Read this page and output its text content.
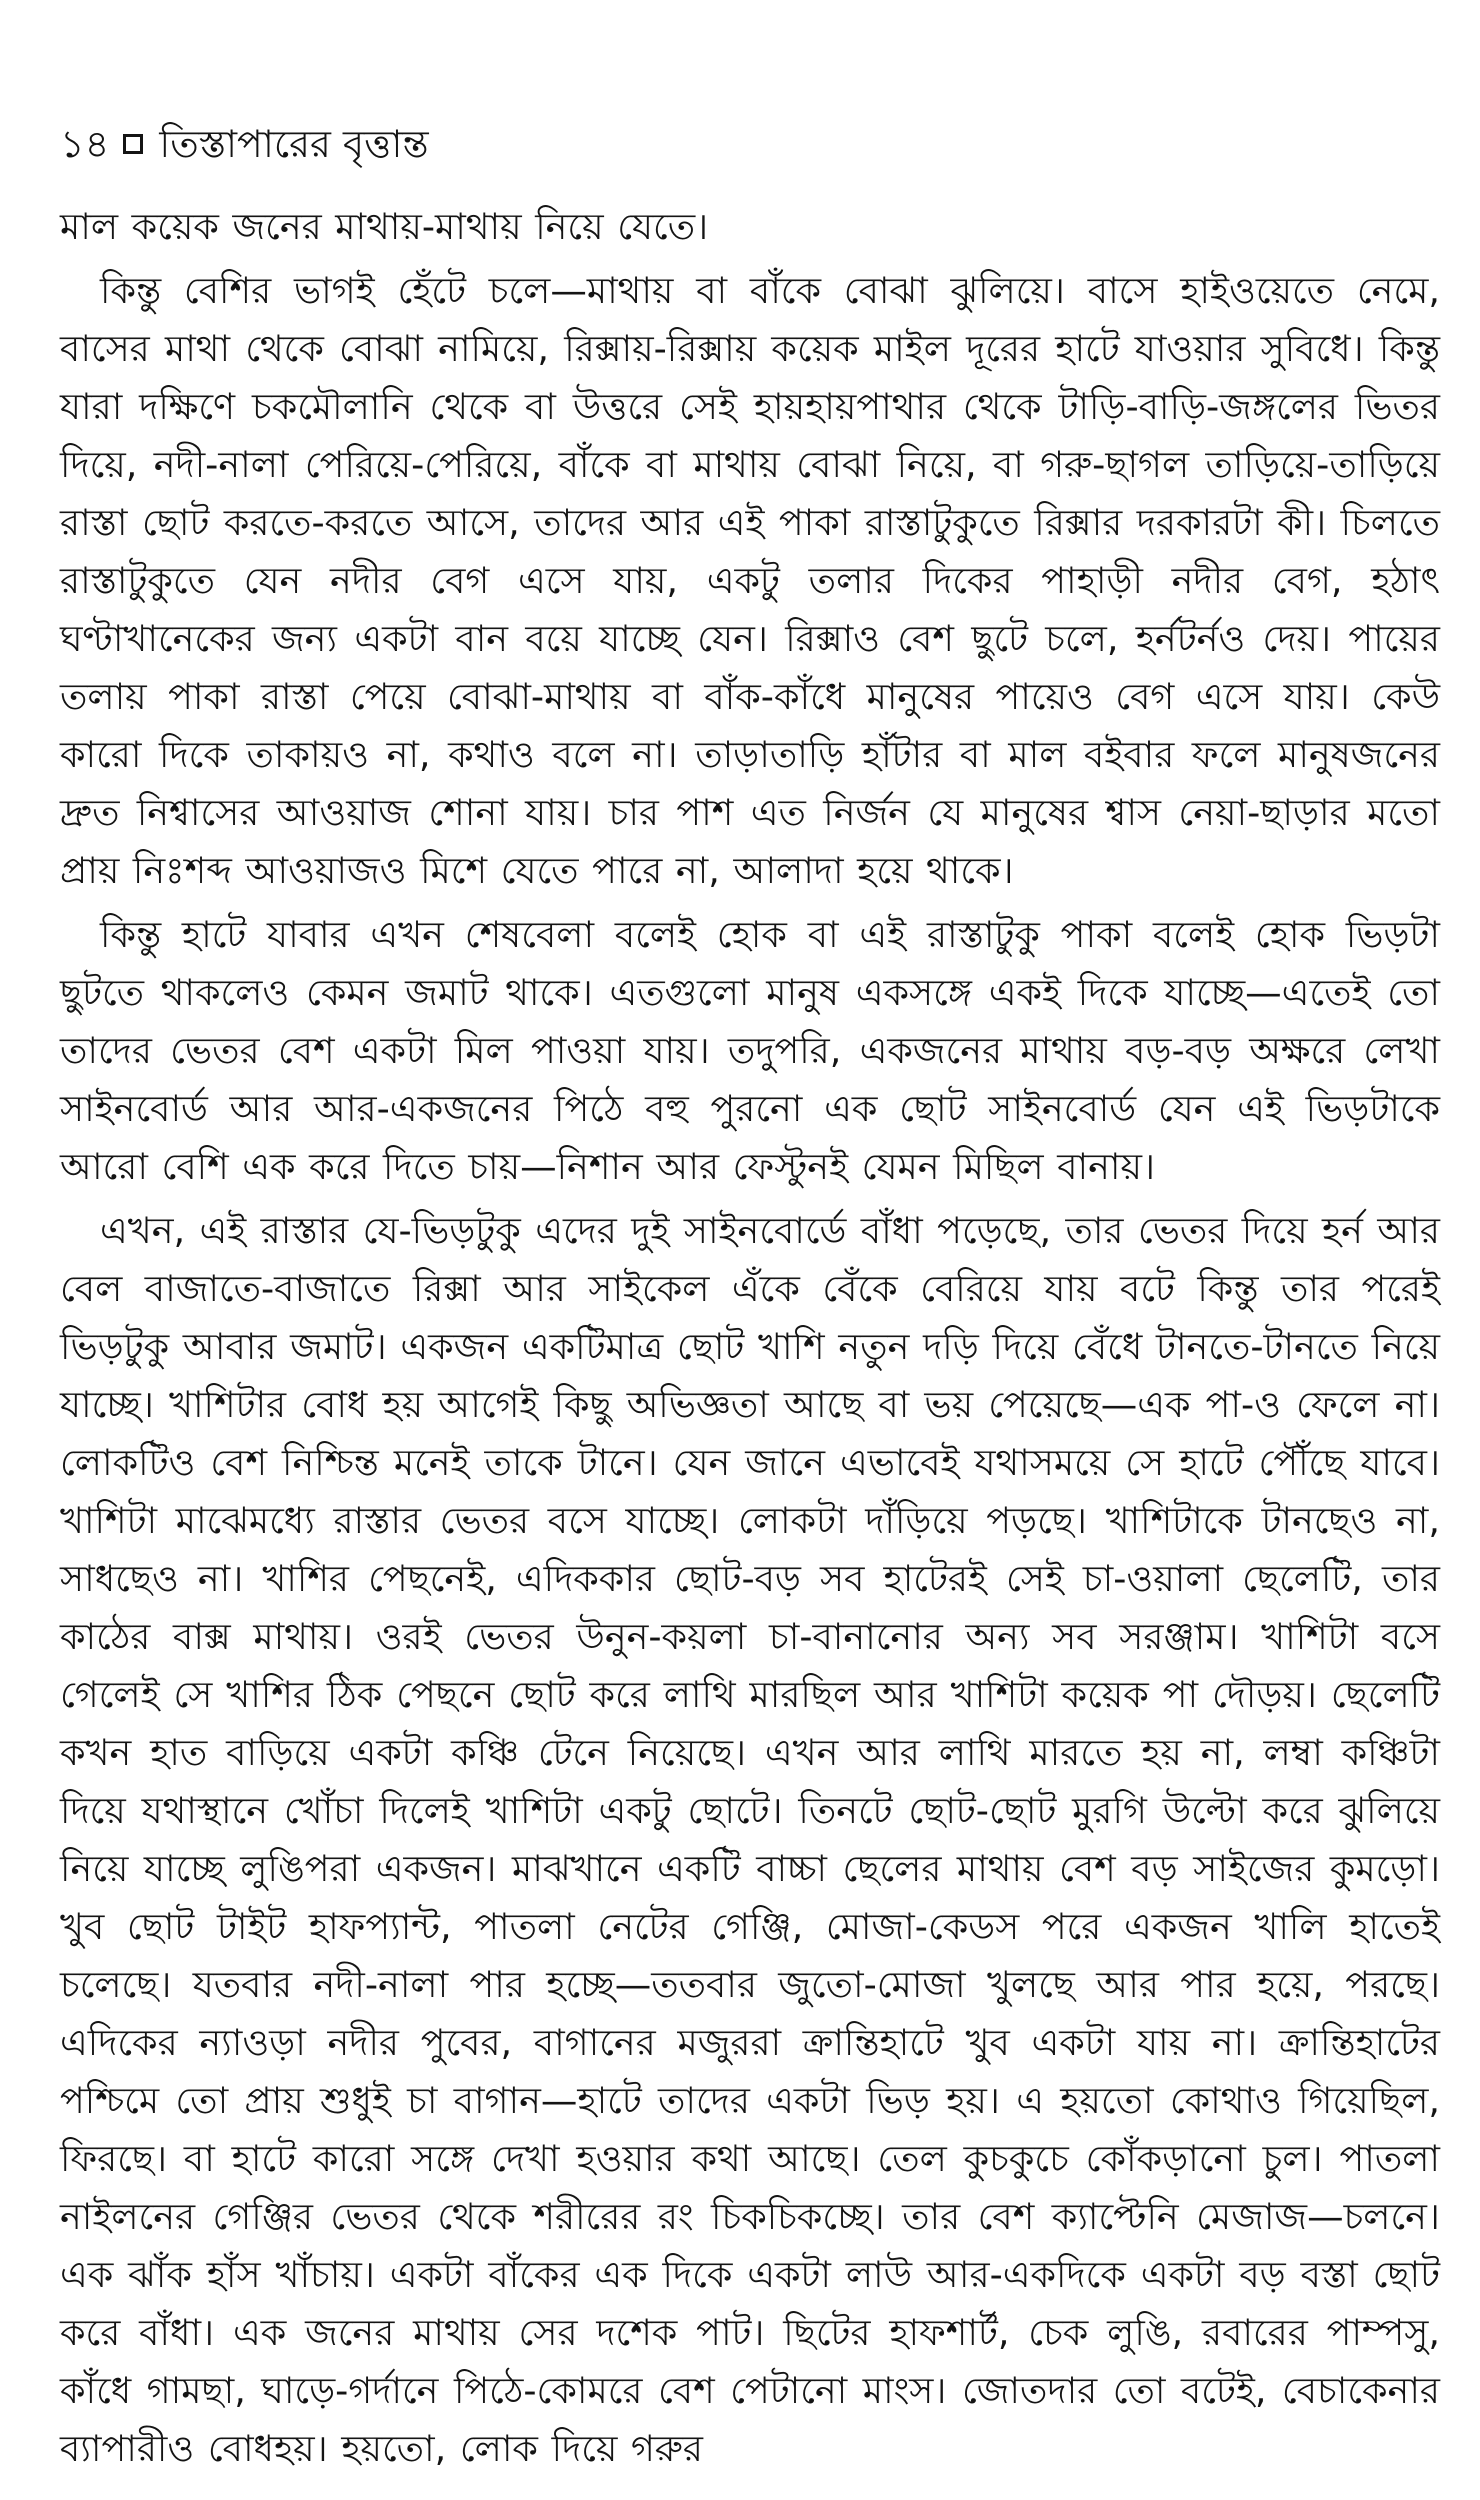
১৪ তিস্তাপারের বৃত্তান্ত

মাল কয়েক জনের মাথায়-মাথায় নিয়ে যেতে।

কিন্তু বেশির ভাগই হেঁটে চলে—মাথায় বা বাঁকে বোঝা ঝুলিয়ে। বাসে হাইওয়েতে নেমে, বাসের মাথা থেকে বোঝা নামিয়ে, রিক্সায়-রিক্সায় কয়েক মাইল দূরের হাটে যাওয়ার সুবিধে। কিন্তু যারা দক্ষিণে চকমৌলানি থেকে বা উত্তরে সেই হায়হায়পাথার থেকে টাড়ি-বাড়ি-জঙ্গলের ভিতর দিয়ে, নদী-নালা পেরিয়ে-পেরিয়ে, বাঁকে বা মাথায় বোঝা নিয়ে, বা গরু-ছাগল তাড়িয়ে-তাড়িয়ে রাস্তা ছোট করতে-করতে আসে, তাদের আর এই পাকা রাস্তাটুকুতে রিক্সার দরকারটা কী। চিলতে রাস্তাটুকুতে যেন নদীর বেগ এসে যায়, একটু তলার দিকের পাহাড়ী নদীর বেগ, হঠাৎ ঘণ্টাখানেকের জন্য একটা বান বয়ে যাচ্ছে যেন। রিক্সাও বেশ ছুটে চলে, হর্নটর্নও দেয়। পায়ের তলায় পাকা রাস্তা পেয়ে বোঝা-মাথায় বা বাঁক-কাঁধে মানুষের পায়েও বেগ এসে যায়। কেউ কারো দিকে তাকায়ও না, কথাও বলে না। তাড়াতাড়ি হাঁটার বা মাল বইবার ফলে মানুষজনের দ্রুত নিশ্বাসের আওয়াজ শোনা যায়। চার পাশ এত নির্জন যে মানুষের শ্বাস নেয়া-ছাড়ার মতো প্রায় নিঃশব্দ আওয়াজও মিশে যেতে পারে না, আলাদা হয়ে থাকে।

কিন্তু হাটে যাবার এখন শেষবেলা বলেই হোক বা এই রাস্তাটুকু পাকা বলেই হোক ভিড়টা ছুটতে থাকলেও কেমন জমাট থাকে। এতগুলো মানুষ একসঙ্গে একই দিকে যাচ্ছে—এতেই তো তাদের ভেতর বেশ একটা মিল পাওয়া যায়। তদুপরি, একজনের মাথায় বড়-বড় অক্ষরে লেখা সাইনবোর্ড আর আর-একজনের পিঠে বহু পুরনো এক ছোট সাইনবোর্ড যেন এই ভিড়টাকে আরো বেশি এক করে দিতে চায়—নিশান আর ফেস্টুনই যেমন মিছিল বানায়।

এখন, এই রাস্তার যে-ভিড়টুকু এদের দুই সাইনবোর্ডে বাঁধা পড়েছে, তার ভেতর দিয়ে হর্ন আর বেল বাজাতে-বাজাতে রিক্সা আর সাইকেল এঁকে বেঁকে বেরিয়ে যায় বটে কিন্তু তার পরেই ভিড়টুকু আবার জমাট। একজন একটিমাত্র ছোট খাশি নতুন দড়ি দিয়ে বেঁধে টানতে-টানতে নিয়ে যাচ্ছে। খাশিটার বোধ হয় আগেই কিছু অভিজ্ঞতা আছে বা ভয় পেয়েছে—এক পা-ও ফেলে না। লোকটিও বেশ নিশ্চিন্ত মনেই তাকে টানে। যেন জানে এভাবেই যথাসময়ে সে হাটে পৌঁছে যাবে। খাশিটা মাঝেমধ্যে রাস্তার ভেতর বসে যাচ্ছে। লোকটা দাঁড়িয়ে পড়ছে। খাশিটাকে টানছেও না, সাধছেও না। খাশির পেছনেই, এদিককার ছোট-বড় সব হাটেরই সেই চা-ওয়ালা ছেলেটি, তার কাঠের বাক্স মাথায়। ওরই ভেতর উনুন-কয়লা চা-বানানোর অন্য সব সরঞ্জাম। খাশিটা বসে গেলেই সে খাশির ঠিক পেছনে ছোট করে লাথি মারছিল আর খাশিটা কয়েক পা দৌড়য়। ছেলেটি কখন হাত বাড়িয়ে একটা কঞ্চি টেনে নিয়েছে। এখন আর লাথি মারতে হয় না, লম্বা কঞ্চিটা দিয়ে যথাস্থানে খোঁচা দিলেই খাশিটা একটু ছোটে। তিনটে ছোট-ছোট মুরগি উল্টো করে ঝুলিয়ে নিয়ে যাচ্ছে লুঙিপরা একজন। মাঝখানে একটি বাচ্চা ছেলের মাথায় বেশ বড় সাইজের কুমড়ো। খুব ছোট টাইট হাফপ্যান্ট, পাতলা নেটের গেঞ্জি, মোজা-কেডস পরে একজন খালি হাতেই চলেছে। যতবার নদী-নালা পার হচ্ছে—ততবার জুতো-মোজা খুলছে আর পার হয়ে, পরছে। এদিকের ন্যাওড়া নদীর পুবের, বাগানের মজুররা ক্রান্তিহাটে খুব একটা যায় না। ক্রান্তিহাটের পশ্চিমে তো প্রায় শুধুই চা বাগান—হাটে তাদের একটা ভিড় হয়। এ হয়তো কোথাও গিয়েছিল, ফিরছে। বা হাটে কারো সঙ্গে দেখা হওয়ার কথা আছে। তেল কুচকুচে কোঁকড়ানো চুল। পাতলা নাইলনের গেঞ্জির ভেতর থেকে শরীরের রং চিকচিকচ্ছে। তার বেশ ক্যাপ্টেনি মেজাজ—চলনে। এক ঝাঁক হাঁস খাঁচায়। একটা বাঁকের এক দিকে একটা লাউ আর-একদিকে একটা বড় বস্তা ছোট করে বাঁধা। এক জনের মাথায় সের দশেক পাট। ছিটের হাফশার্ট, চেক লুঙি, রবারের পাম্পসু, কাঁধে গামছা, ঘাড়ে-গর্দানে পিঠে-কোমরে বেশ পেটানো মাংস। জোতদার তো বটেই, বেচাকেনার ব্যাপারীও বোধহয়। হয়তো, লোক দিয়ে গরুর
